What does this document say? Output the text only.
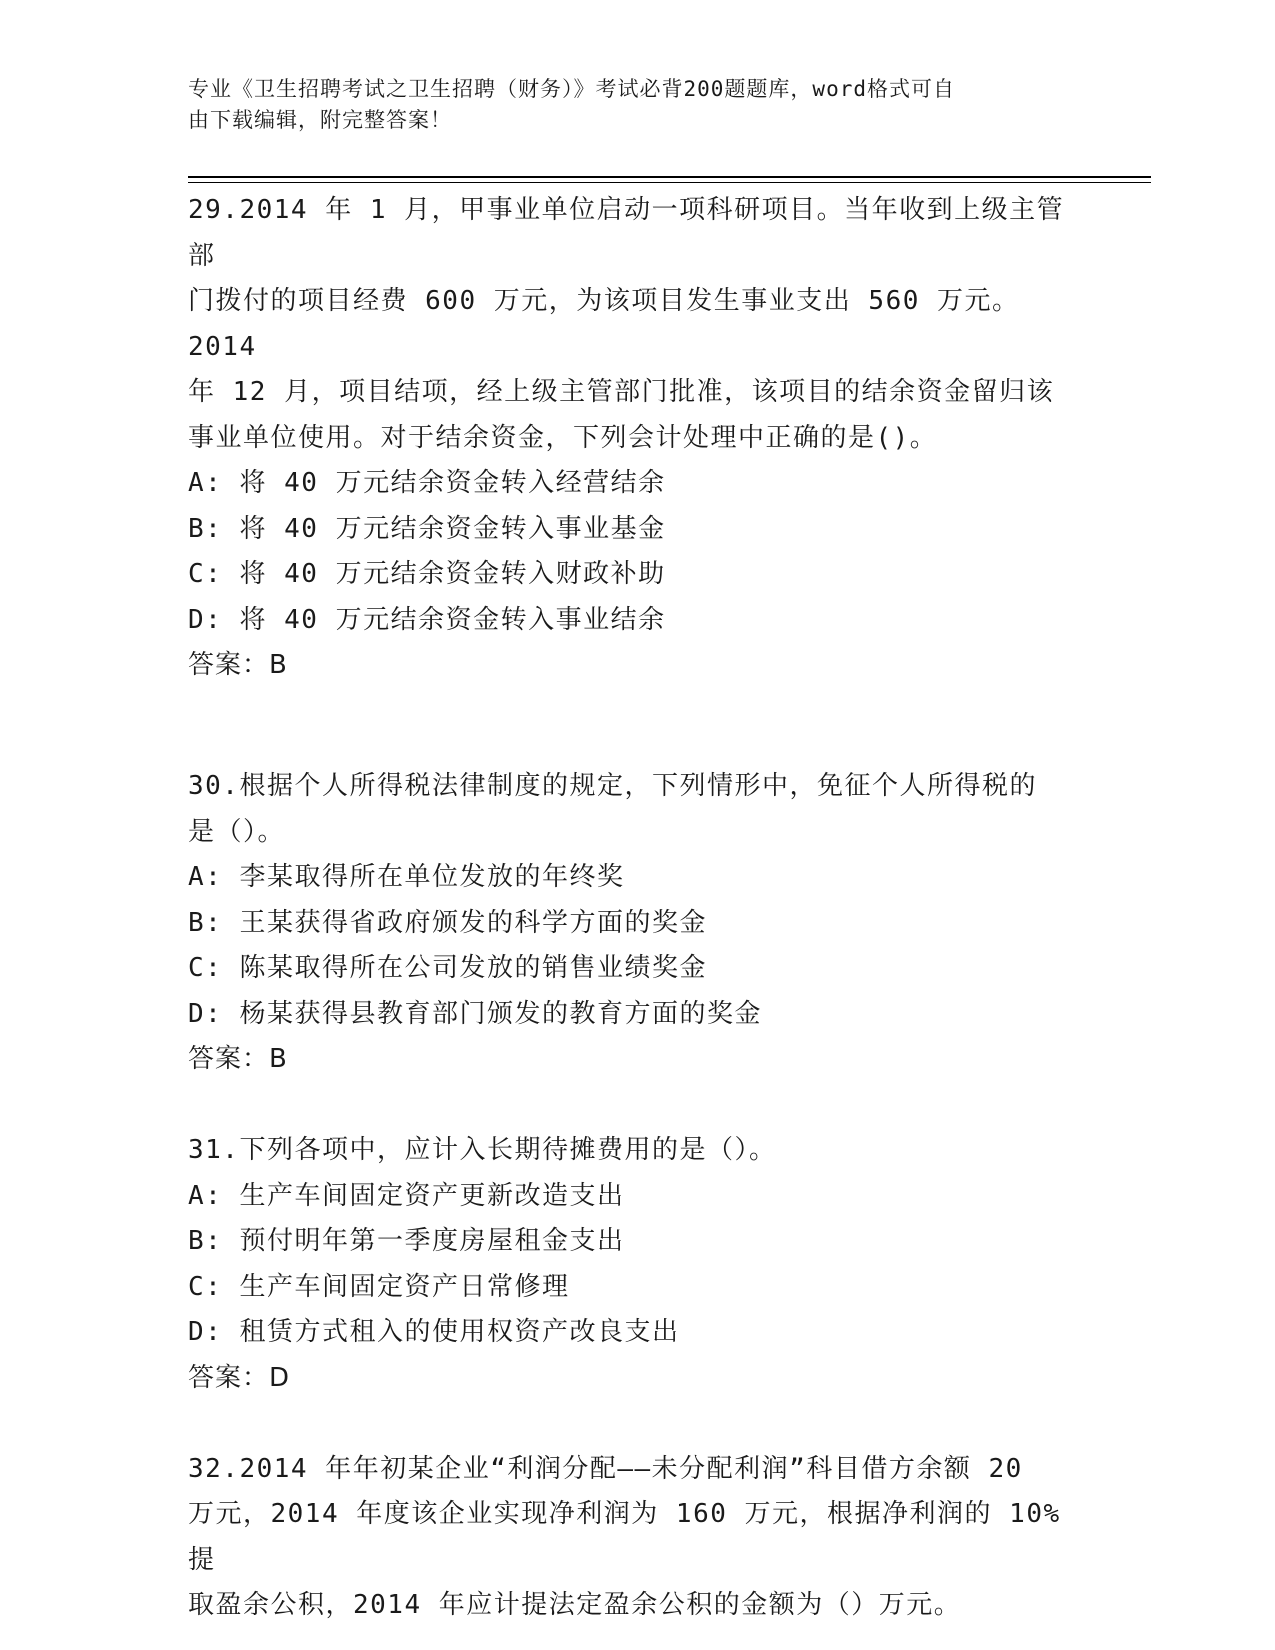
专业《卫生招聘考试之卫生招聘（财务）》考试必背200题题库，word格式可自
由下载编辑，附完整答案！

29.2014 年 1 月，甲事业单位启动一项科研项目。当年收到上级主管部

门拨付的项目经费 600 万元，为该项目发生事业支出 560 万元。2014

年 12 月，项目结项，经上级主管部门批准，该项目的结余资金留归该

事业单位使用。对于结余资金，下列会计处理中正确的是()。

A: 将 40 万元结余资金转入经营结余

B: 将 40 万元结余资金转入事业基金

C: 将 40 万元结余资金转入财政补助

D: 将 40 万元结余资金转入事业结余

答案：B

30.根据个人所得税法律制度的规定，下列情形中，免征个人所得税的

是（）。

A: 李某取得所在单位发放的年终奖

B: 王某获得省政府颁发的科学方面的奖金

C: 陈某取得所在公司发放的销售业绩奖金

D: 杨某获得县教育部门颁发的教育方面的奖金

答案：B

31.下列各项中，应计入长期待摊费用的是（）。

A: 生产车间固定资产更新改造支出

B: 预付明年第一季度房屋租金支出

C: 生产车间固定资产日常修理

D: 租赁方式租入的使用权资产改良支出

答案：D

32.2014 年年初某企业“利润分配——未分配利润”科目借方余额 20

万元，2014 年度该企业实现净利润为 160 万元，根据净利润的 10%提

取盈余公积，2014 年应计提法定盈余公积的金额为（）万元。
